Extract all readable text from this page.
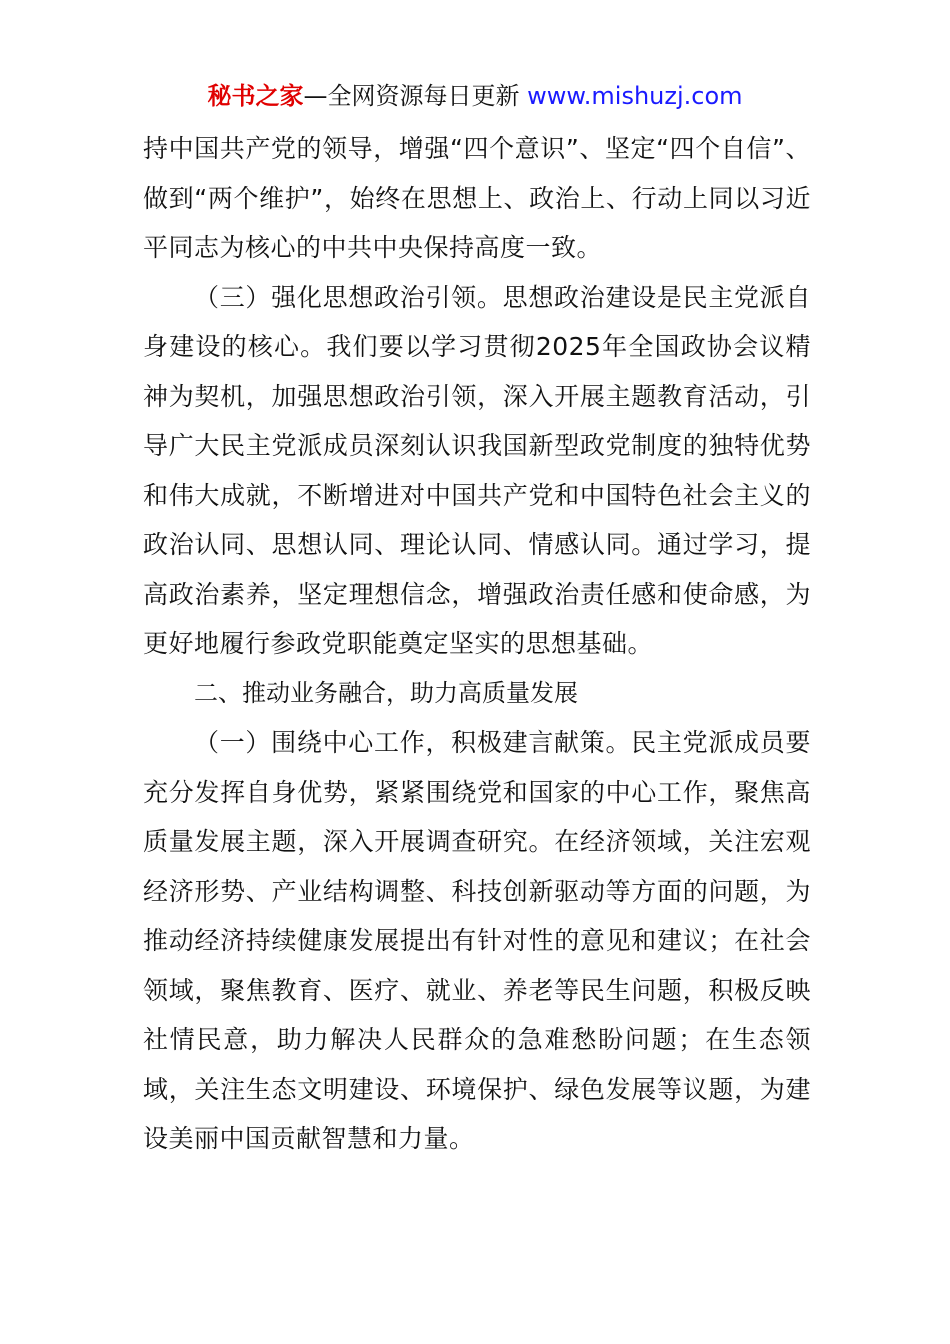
秘书之家—全网资源每日更新 www.mishuzj.com

持中国共产党的领导，增强“四个意识”、坚定“四个自信”、做到“两个维护”，始终在思想上、政治上、行动上同以习近平同志为核心的中共中央保持高度一致。

（三）强化思想政治引领。思想政治建设是民主党派自身建设的核心。我们要以学习贯彻2025年全国政协会议精神为契机，加强思想政治引领，深入开展主题教育活动，引导广大民主党派成员深刻认识我国新型政党制度的独特优势和伟大成就，不断增进对中国共产党和中国特色社会主义的政治认同、思想认同、理论认同、情感认同。通过学习，提高政治素养，坚定理想信念，增强政治责任感和使命感，为更好地履行参政党职能奠定坚实的思想基础。

二、推动业务融合，助力高质量发展

（一）围绕中心工作，积极建言献策。民主党派成员要充分发挥自身优势，紧紧围绕党和国家的中心工作，聚焦高质量发展主题，深入开展调查研究。在经济领域，关注宏观经济形势、产业结构调整、科技创新驱动等方面的问题，为推动经济持续健康发展提出有针对性的意见和建议；在社会领域，聚焦教育、医疗、就业、养老等民生问题，积极反映社情民意，助力解决人民群众的急难愁盼问题；在生态领域，关注生态文明建设、环境保护、绿色发展等议题，为建设美丽中国贡献智慧和力量。
